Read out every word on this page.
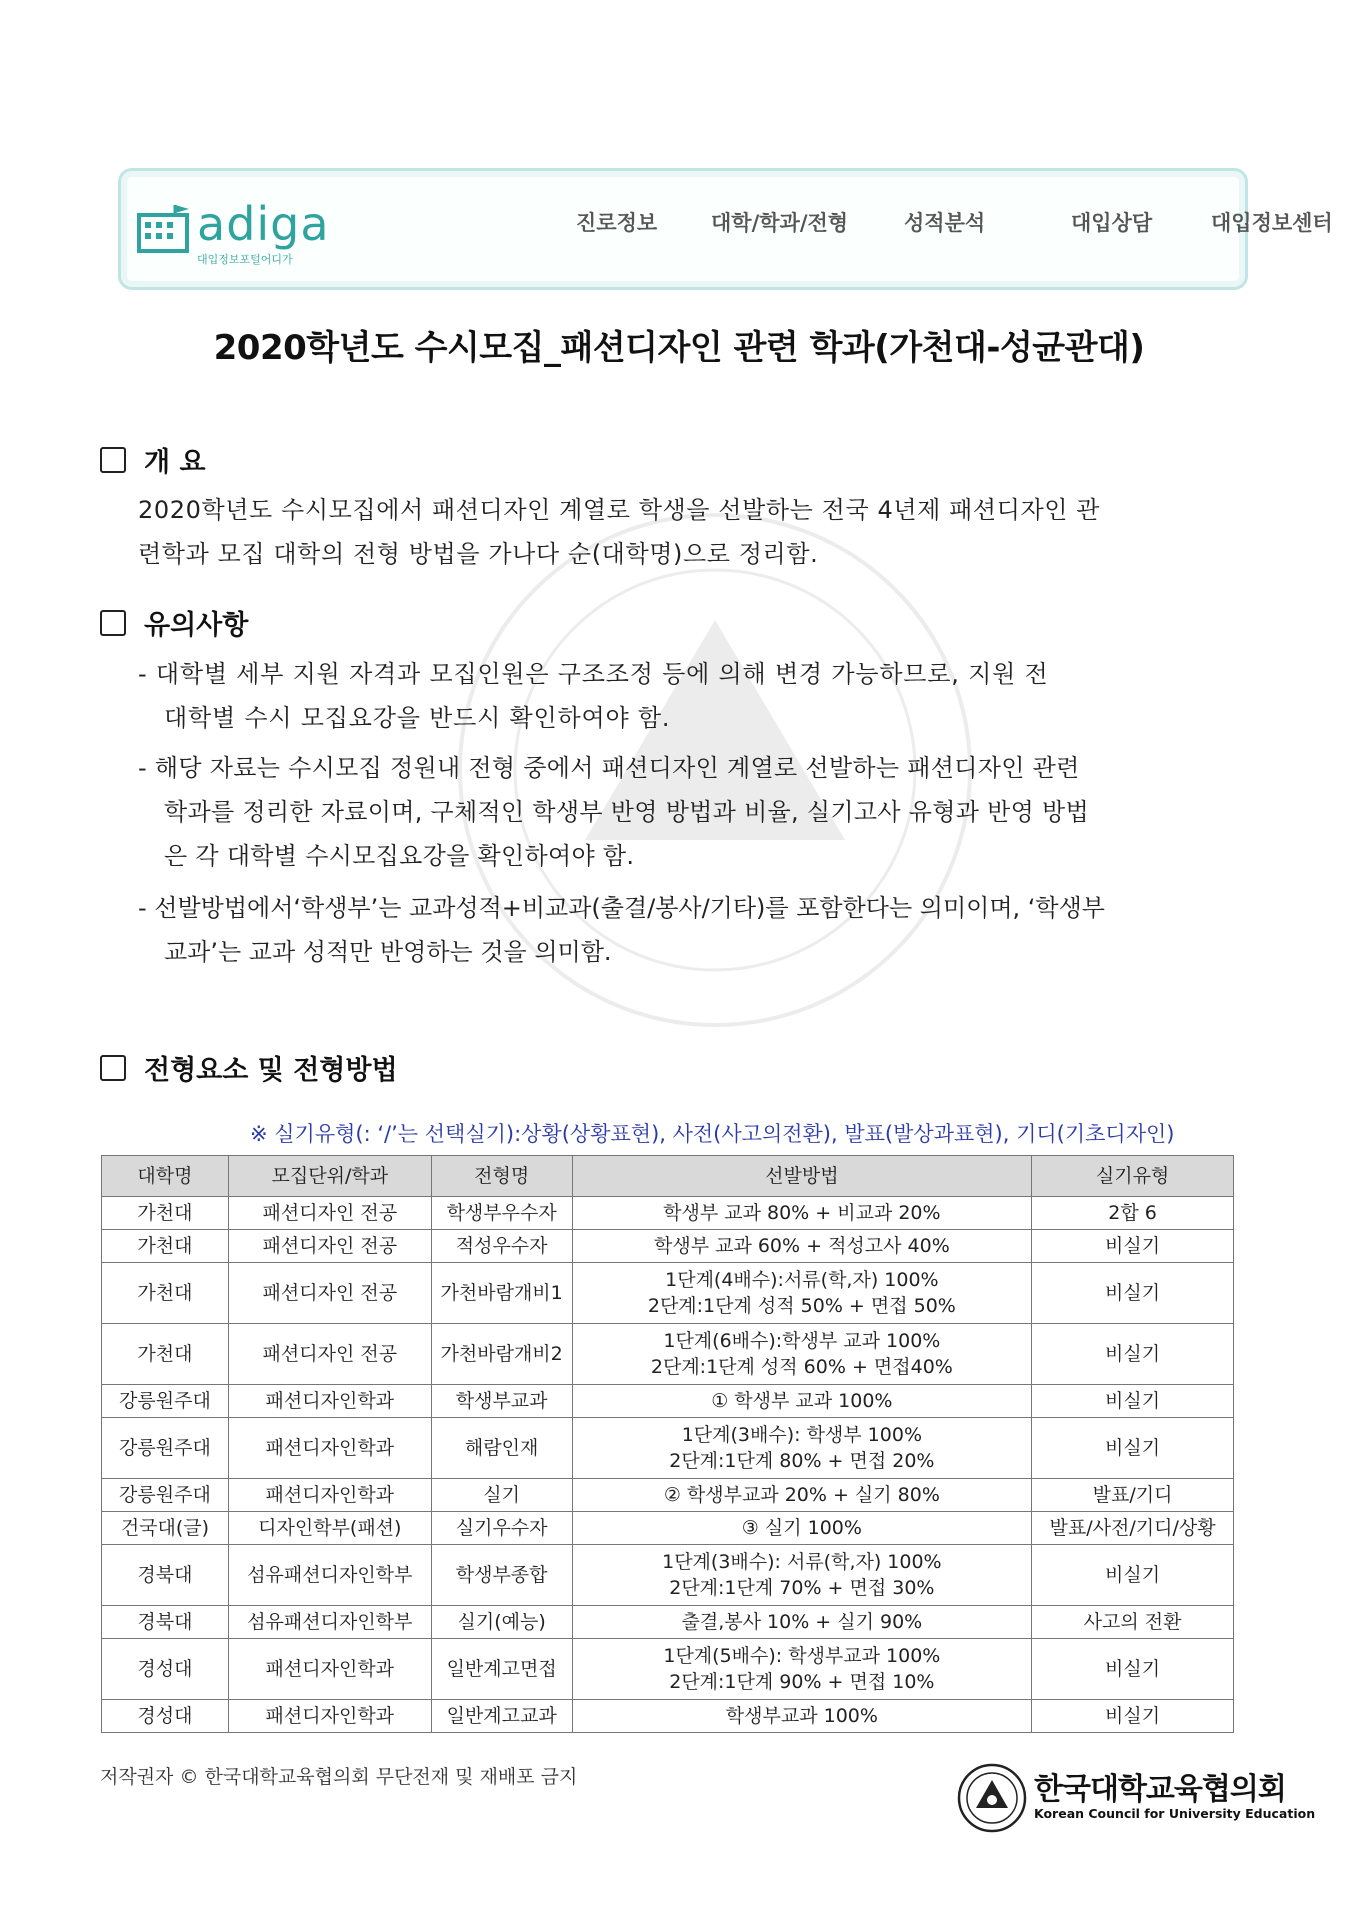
adiga
대입정보포털어디가
진로정보	대학/학과/전형	성적분석	대입상담	대입정보센터
2020학년도 수시모집_패션디자인 관련 학과(가천대-성균관대)
개 요
2020학년도 수시모집에서 패션디자인 계열로 학생을 선발하는 전국 4년제 패션디자인 관
련학과 모집 대학의 전형 방법을 가나다 순(대학명)으로 정리함.
유의사항
- 대학별 세부 지원 자격과 모집인원은 구조조정 등에 의해 변경 가능하므로, 지원 전
대학별 수시 모집요강을 반드시 확인하여야 함.
- 해당 자료는 수시모집 정원내 전형 중에서 패션디자인 계열로 선발하는 패션디자인 관련
학과를 정리한 자료이며, 구체적인 학생부 반영 방법과 비율, 실기고사 유형과 반영 방법
은 각 대학별 수시모집요강을 확인하여야 함.
- 선발방법에서‘학생부’는 교과성적+비교과(출결/봉사/기타)를 포함한다는 의미이며, ‘학생부
교과’는 교과 성적만 반영하는 것을 의미함.
전형요소 및 전형방법
※ 실기유형(: ‘/’는 선택실기):상황(상황표현), 사전(사고의전환), 발표(발상과표현), 기디(기초디자인)
대학명	모집단위/학과	전형명	선발방법	실기유형
가천대	패션디자인 전공	학생부우수자	학생부 교과 80% + 비교과 20%	2합 6
가천대	패션디자인 전공	적성우수자	학생부 교과 60% + 적성고사 40%	비실기
가천대	패션디자인 전공	가천바람개비1	1단계(4배수):서류(학,자) 100%
2단계:1단계 성적 50% + 면접 50%	비실기
가천대	패션디자인 전공	가천바람개비2	1단계(6배수):학생부 교과 100%
2단계:1단계 성적 60% + 면접40%	비실기
강릉원주대	패션디자인학과	학생부교과	① 학생부 교과 100%	비실기
강릉원주대	패션디자인학과	해람인재	1단계(3배수): 학생부 100%
2단계:1단계 80% + 면접 20%	비실기
강릉원주대	패션디자인학과	실기	② 학생부교과 20% + 실기 80%	발표/기디
건국대(글)	디자인학부(패션)	실기우수자	③ 실기 100%	발표/사전/기디/상황
경북대	섬유패션디자인학부	학생부종합	1단계(3배수): 서류(학,자) 100%
2단계:1단계 70% + 면접 30%	비실기
경북대	섬유패션디자인학부	실기(예능)	출결,봉사 10% + 실기 90%	사고의 전환
경성대	패션디자인학과	일반계고면접	1단계(5배수): 학생부교과 100%
2단계:1단계 90% + 면접 10%	비실기
경성대	패션디자인학과	일반계고교과	학생부교과 100%	비실기
저작권자 © 한국대학교육협의회 무단전재 및 재배포 금지	한국대학교육협의회
Korean Council for University Education
